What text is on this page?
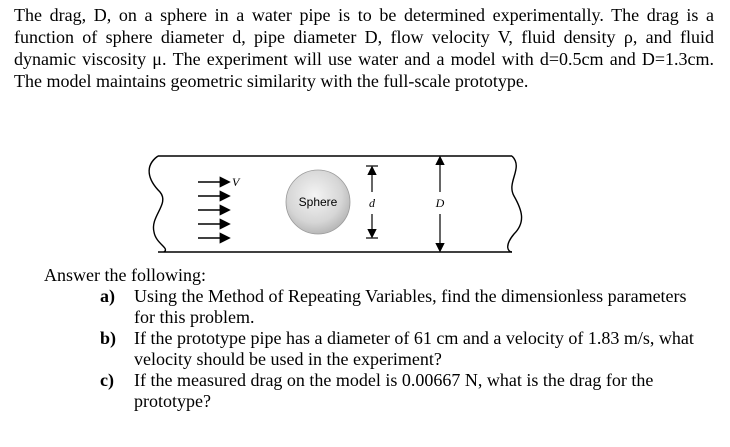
The drag, D, on a sphere in a water pipe is to be determined experimentally. The drag is a function of sphere diameter d, pipe diameter D, flow velocity V, fluid density ρ, and fluid dynamic viscosity μ. The experiment will use water and a model with d=0.5cm and D=1.3cm. The model maintains geometric similarity with the full-scale prototype.

V
Sphere	d	D

Answer the following:

a) Using the Method of Repeating Variables, find the dimensionless parameters for this problem.
b) If the prototype pipe has a diameter of 61 cm and a velocity of 1.83 m/s, what velocity should be used in the experiment?
c) If the measured drag on the model is 0.00667 N, what is the drag for the prototype?
